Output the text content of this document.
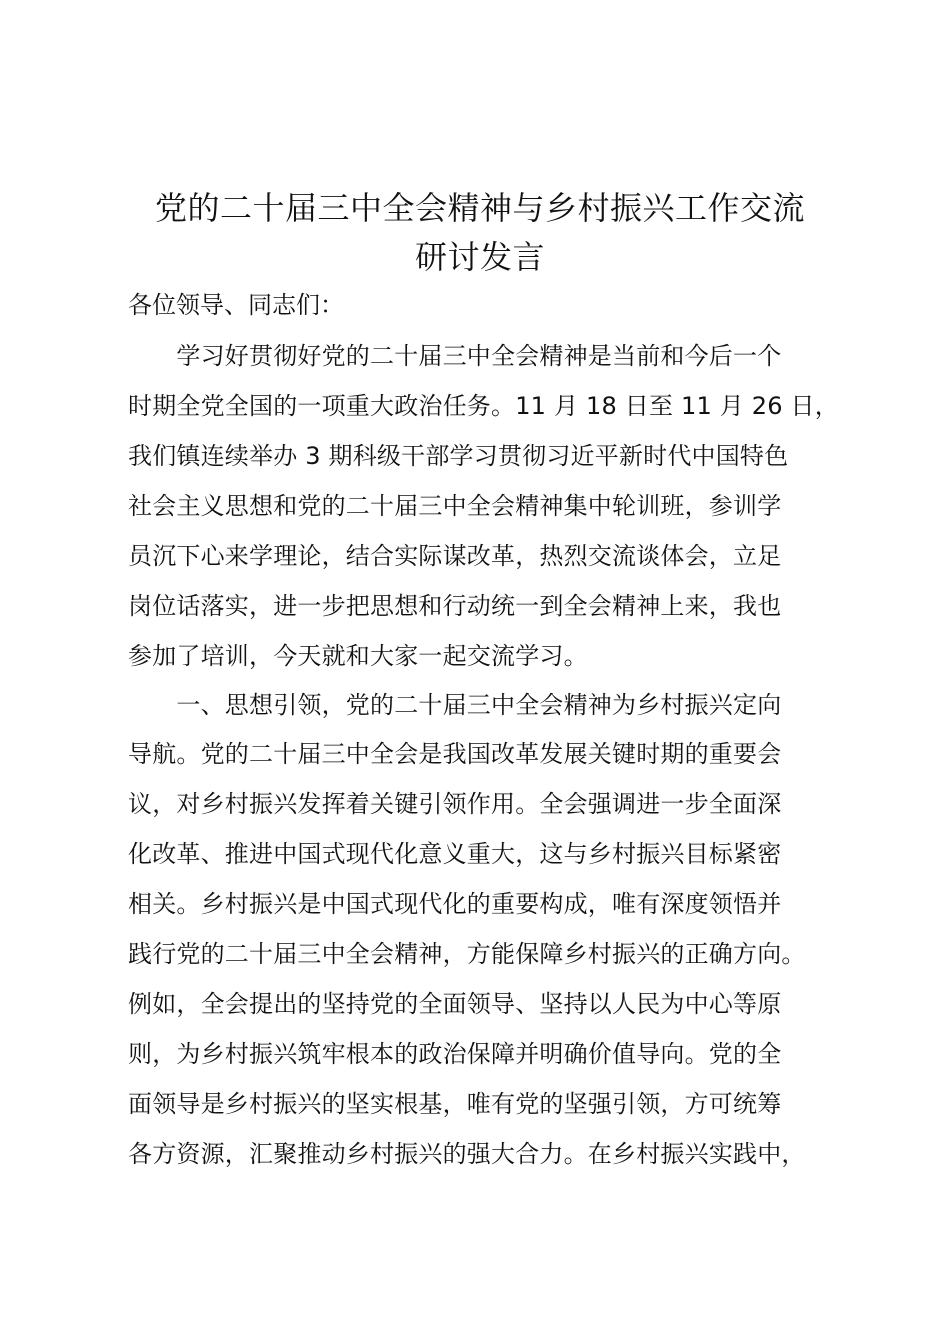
党的二十届三中全会精神与乡村振兴工作交流
研讨发言

各位领导、同志们：

　　学习好贯彻好党的二十届三中全会精神是当前和今后一个

时期全党全国的一项重大政治任务。11 月 18 日至 11 月 26 日，

我们镇连续举办 3 期科级干部学习贯彻习近平新时代中国特色

社会主义思想和党的二十届三中全会精神集中轮训班，参训学

员沉下心来学理论，结合实际谋改革，热烈交流谈体会，立足

岗位话落实，进一步把思想和行动统一到全会精神上来，我也

参加了培训，今天就和大家一起交流学习。

　　一、思想引领，党的二十届三中全会精神为乡村振兴定向

导航。党的二十届三中全会是我国改革发展关键时期的重要会

议，对乡村振兴发挥着关键引领作用。全会强调进一步全面深

化改革、推进中国式现代化意义重大，这与乡村振兴目标紧密

相关。乡村振兴是中国式现代化的重要构成，唯有深度领悟并

践行党的二十届三中全会精神，方能保障乡村振兴的正确方向。

例如，全会提出的坚持党的全面领导、坚持以人民为中心等原

则，为乡村振兴筑牢根本的政治保障并明确价值导向。党的全

面领导是乡村振兴的坚实根基，唯有党的坚强引领，方可统筹

各方资源，汇聚推动乡村振兴的强大合力。在乡村振兴实践中，
